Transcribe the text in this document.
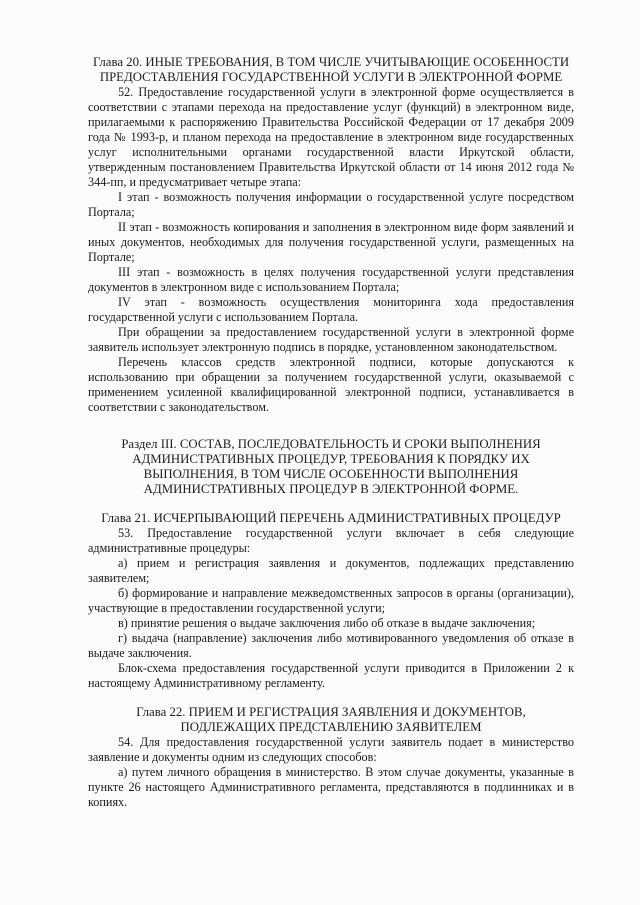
Глава 20. ИНЫЕ ТРЕБОВАНИЯ, В ТОМ ЧИСЛЕ УЧИТЫВАЮЩИЕ ОСОБЕННОСТИ ПРЕДОСТАВЛЕНИЯ ГОСУДАРСТВЕННОЙ УСЛУГИ В ЭЛЕКТРОННОЙ ФОРМЕ

52. Предоставление государственной услуги в электронной форме осуществляется в соответствии с этапами перехода на предоставление услуг (функций) в электронном виде, прилагаемыми к распоряжению Правительства Российской Федерации от 17 декабря 2009 года № 1993-р, и планом перехода на предоставление в электронном виде государственных услуг исполнительными органами государственной власти Иркутской области, утвержденным постановлением Правительства Иркутской области от 14 июня 2012 года № 344-пп, и предусматривает четыре этапа:

I этап - возможность получения информации о государственной услуге посредством Портала;

II этап - возможность копирования и заполнения в электронном виде форм заявлений и иных документов, необходимых для получения государственной услуги, размещенных на Портале;

III этап - возможность в целях получения государственной услуги представления документов в электронном виде с использованием Портала;

IV этап - возможность осуществления мониторинга хода предоставления государственной услуги с использованием Портала.

При обращении за предоставлением государственной услуги в электронной форме заявитель использует электронную подпись в порядке, установленном законодательством.

Перечень классов средств электронной подписи, которые допускаются к использованию при обращении за получением государственной услуги, оказываемой с применением усиленной квалифицированной электронной подписи, устанавливается в соответствии с законодательством.

Раздел III. СОСТАВ, ПОСЛЕДОВАТЕЛЬНОСТЬ И СРОКИ ВЫПОЛНЕНИЯ АДМИНИСТРАТИВНЫХ ПРОЦЕДУР, ТРЕБОВАНИЯ К ПОРЯДКУ ИХ ВЫПОЛНЕНИЯ, В ТОМ ЧИСЛЕ ОСОБЕННОСТИ ВЫПОЛНЕНИЯ АДМИНИСТРАТИВНЫХ ПРОЦЕДУР В ЭЛЕКТРОННОЙ ФОРМЕ.

Глава 21. ИСЧЕРПЫВАЮЩИЙ ПЕРЕЧЕНЬ АДМИНИСТРАТИВНЫХ ПРОЦЕДУР

53. Предоставление государственной услуги включает в себя следующие административные процедуры:

а) прием и регистрация заявления и документов, подлежащих представлению заявителем;

б) формирование и направление межведомственных запросов в органы (организации), участвующие в предоставлении государственной услуги;

в) принятие решения о выдаче заключения либо об отказе в выдаче заключения;

г) выдача (направление) заключения либо мотивированного уведомления об отказе в выдаче заключения.

Блок-схема предоставления государственной услуги приводится в Приложении 2 к настоящему Административному регламенту.

Глава 22. ПРИЕМ И РЕГИСТРАЦИЯ ЗАЯВЛЕНИЯ И ДОКУМЕНТОВ, ПОДЛЕЖАЩИХ ПРЕДСТАВЛЕНИЮ ЗАЯВИТЕЛЕМ

54. Для предоставления государственной услуги заявитель подает в министерство заявление и документы одним из следующих способов:

а) путем личного обращения в министерство. В этом случае документы, указанные в пункте 26 настоящего Административного регламента, представляются в подлинниках и в копиях.
